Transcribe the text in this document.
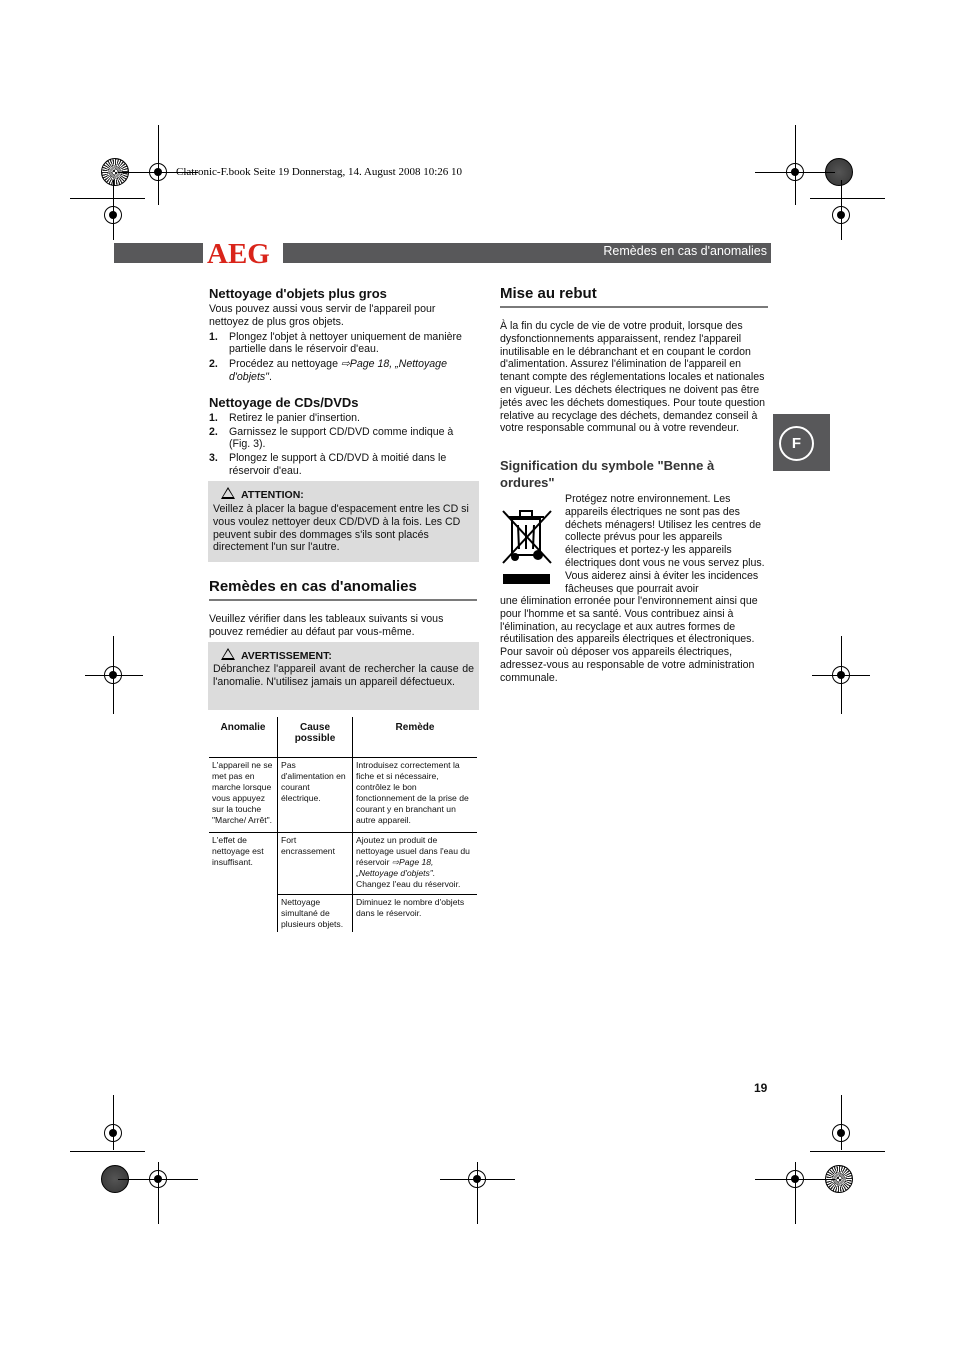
Clatronic-F.book Seite 19 Donnerstag, 14. August 2008 10:26 10
AEG	Remèdes en cas d'anomalies
Nettoyage d'objets plus gros

Vous pouvez aussi vous servir de l'appareil pour nettoyez de plus gros objets.

1. Plongez l'objet à nettoyer uniquement de manière partielle dans le réservoir d'eau.
2. Procédez au nettoyage ⇨Page 18, „Nettoyage d'objets".
Nettoyage de CDs/DVDs
1. Retirez le panier d'insertion.
2. Garnissez le support CD/DVD comme indique à (Fig. 3).
3. Plongez le support à CD/DVD à moitié dans le réservoir d'eau.
ATTENTION:

Veillez à placer la bague d'espacement entre les CD si vous voulez nettoyer deux CD/DVD à la fois. Les CD peuvent subir des dommages s'ils sont placés directement l'un sur l'autre.

Remèdes en cas d'anomalies

Veuillez vérifier dans les tableaux suivants si vous pouvez remédier au défaut par vous-même.

AVERTISSEMENT:

Débranchez l'appareil avant de rechercher la cause de l'anomalie. N'utilisez jamais un appareil défectueux.

Anomalie	Cause possible	Remède
L'appareil ne se met pas en marche lorsque vous appuyez sur la touche "Marche/ Arrêt".	Pas d'alimentation en courant électrique.	Introduisez correctement la fiche et si nécessaire, contrôlez le bon fonctionnement de la prise de courant y en branchant un autre appareil.
L'effet de nettoyage est insuffisant.	Fort encrassement	Ajoutez un produit de nettoyage usuel dans l'eau du réservoir ⇨Page 18, „Nettoyage d'objets".
Changez l'eau du réservoir.
	Nettoyage simultané de plusieurs objets.	Diminuez le nombre d'objets dans le réservoir.
Mise au rebut

À la fin du cycle de vie de votre produit, lorsque des dysfonctionnements apparaissent, rendez l'appareil inutilisable en le débranchant et en coupant le cordon d'alimentation. Assurez l'élimination de l'appareil en tenant compte des réglementations locales et nationales en vigueur. Les déchets électriques ne doivent pas être jetés avec les déchets domestiques. Pour toute question relative au recyclage des déchets, demandez conseil à votre responsable communal ou à votre revendeur.

Signification du symbole "Benne à ordures"

Protégez notre environnement. Les appareils électriques ne sont pas des déchets ménagers! Utilisez les centres de collecte prévus pour les appareils électriques et portez-y les appareils électriques dont vous ne vous servez plus. Vous aiderez ainsi à éviter les incidences fâcheuses que pourrait avoir

une élimination erronée pour l'environnement ainsi que pour l'homme et sa santé. Vous contribuez ainsi à l'élimination, au recyclage et aux autres formes de réutilisation des appareils électriques et électroniques. Pour savoir où déposer vos appareils électriques, adressez-vous au responsable de votre administration communale.

F
19
